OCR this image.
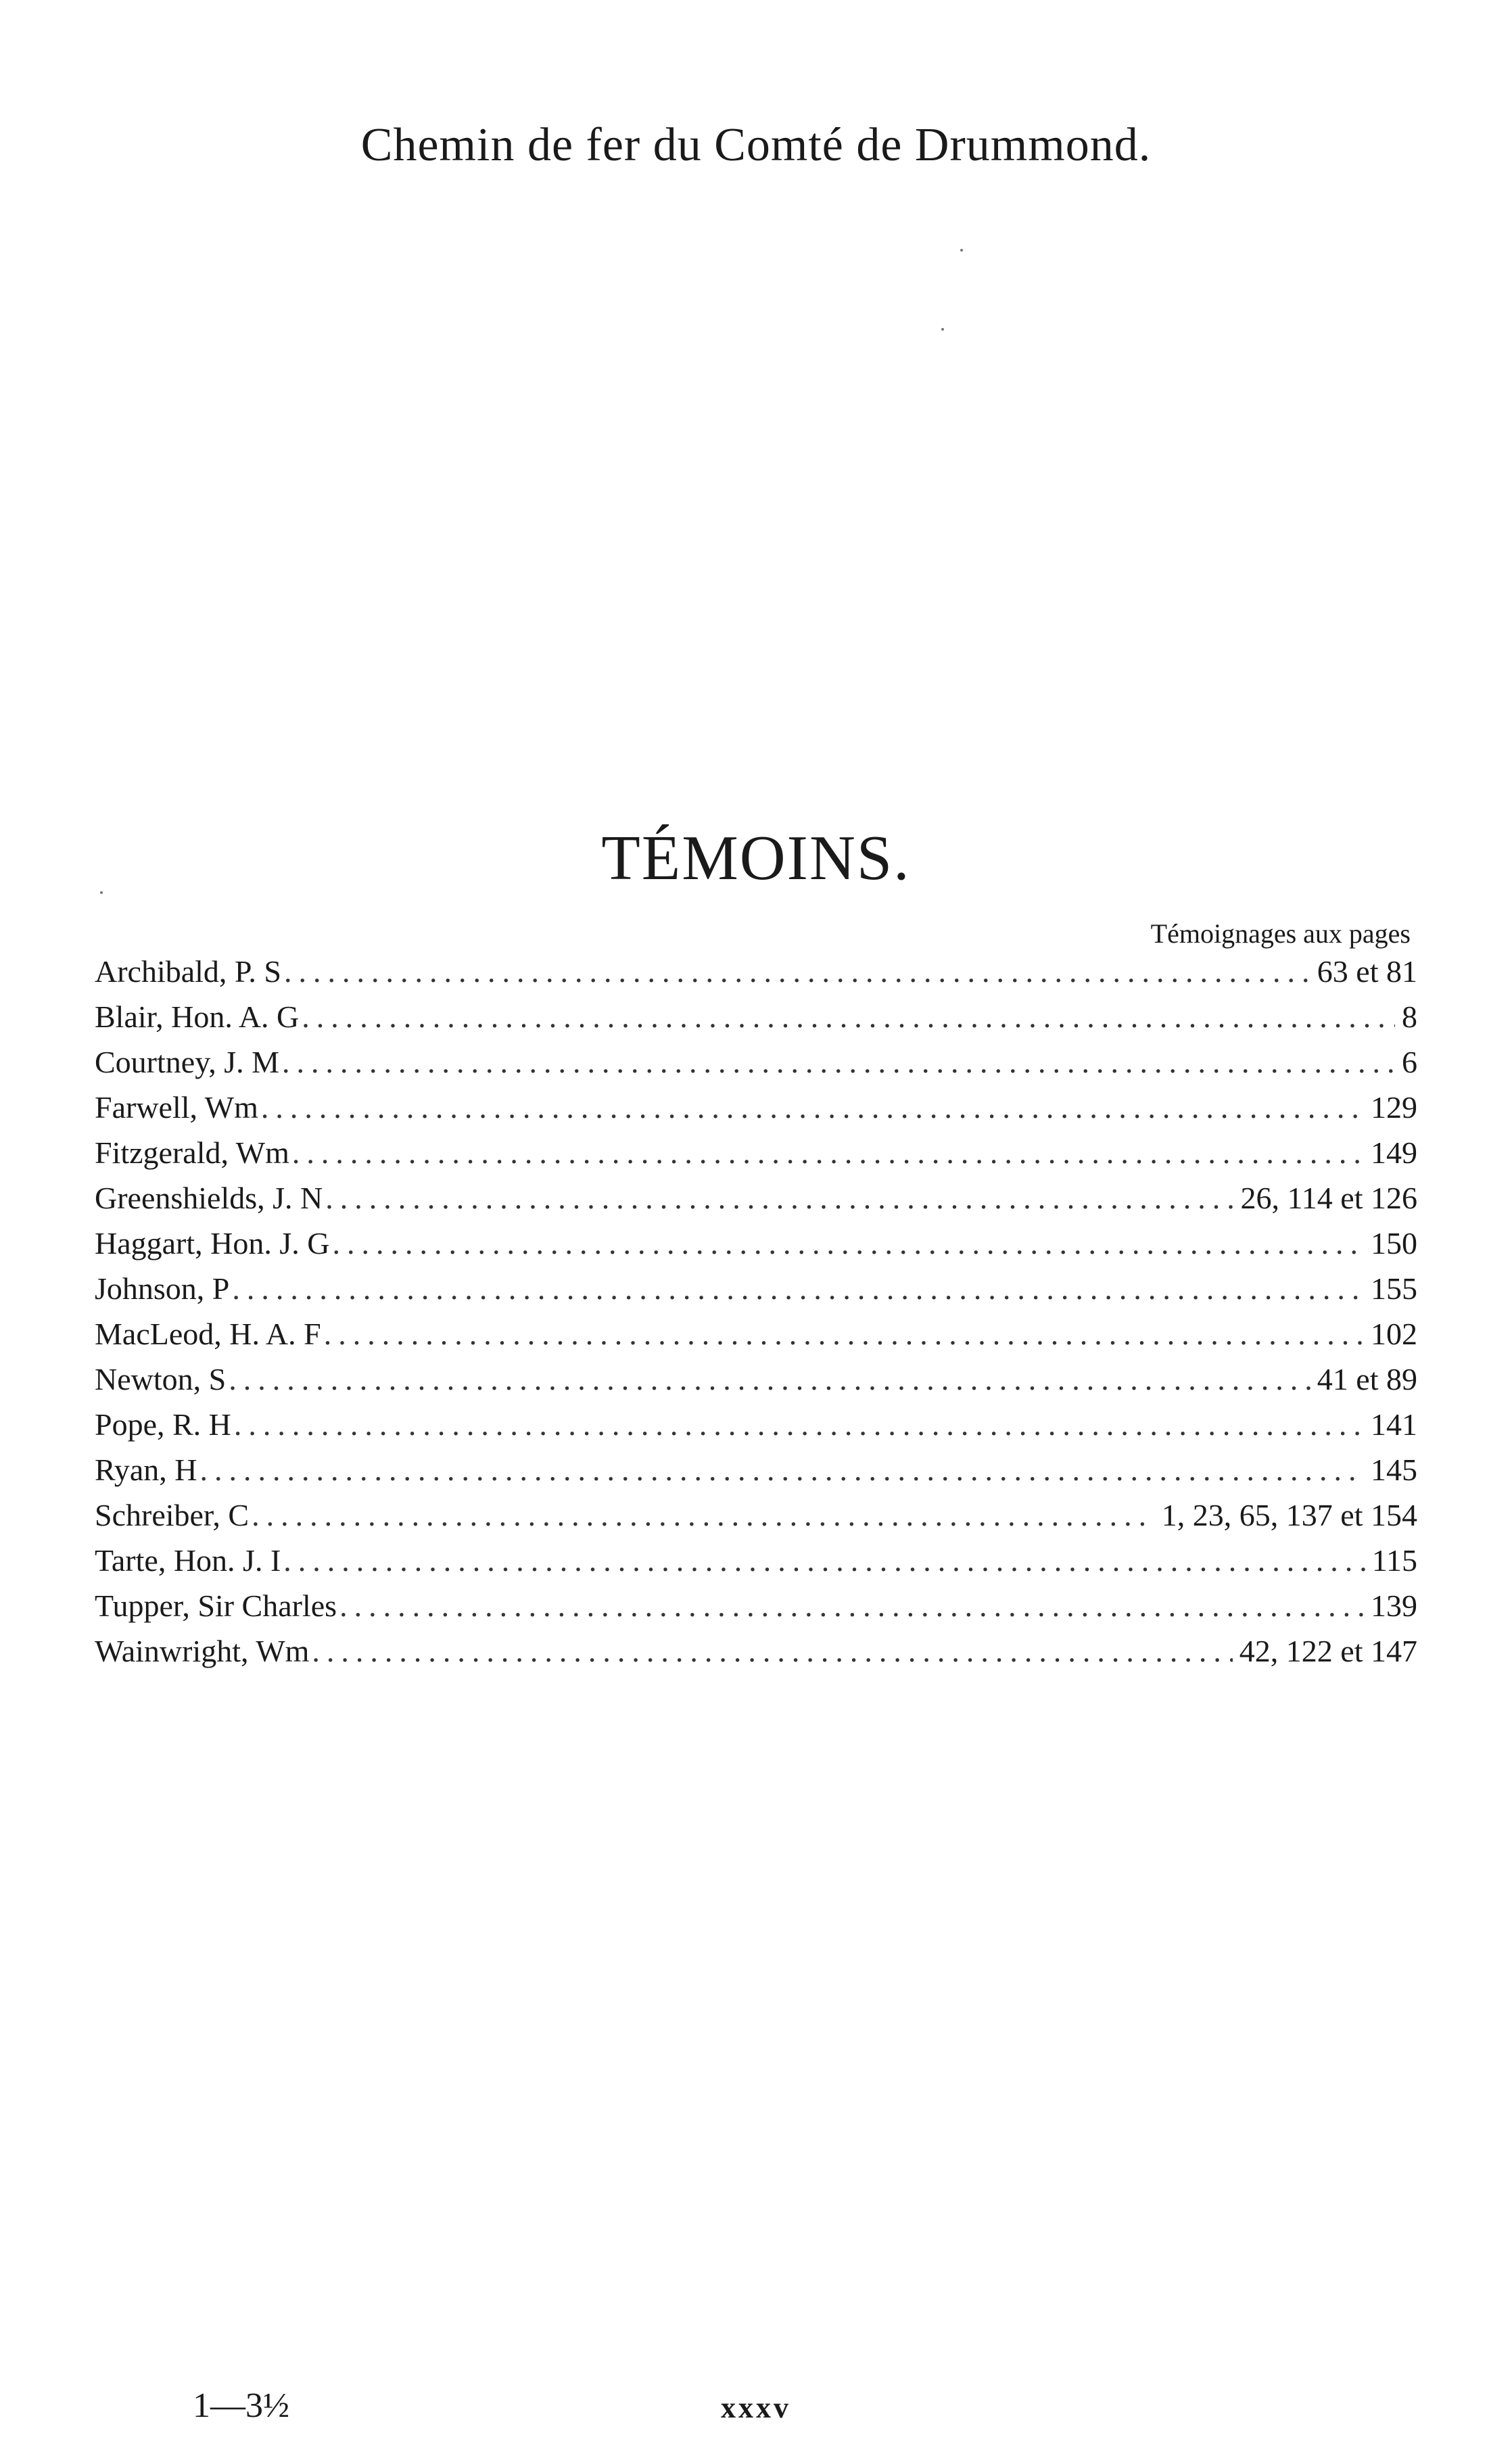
Chemin de fer du Comté de Drummond.
TÉMOINS.
Témoignages aux pages
Archibald, P. S .....	63 et 81
Blair, Hon. A. G .....	8
Courtney, J. M .....	6
Farwell, Wm .....	129
Fitzgerald, Wm .....	149
Greenshields, J. N .....	26, 114 et 126
Haggart, Hon. J. G .....	150
Johnson, P .....	155
MacLeod, H. A. F .....	102
Newton, S .....	41 et 89
Pope, R. H .....	141
Ryan, H .....	145
Schreiber, C .....	1, 23, 65, 137 et 154
Tarte, Hon. J. I .....	115
Tupper, Sir Charles .....	139
Wainwright, Wm .....	42, 122 et 147
1—3½	xxxv
